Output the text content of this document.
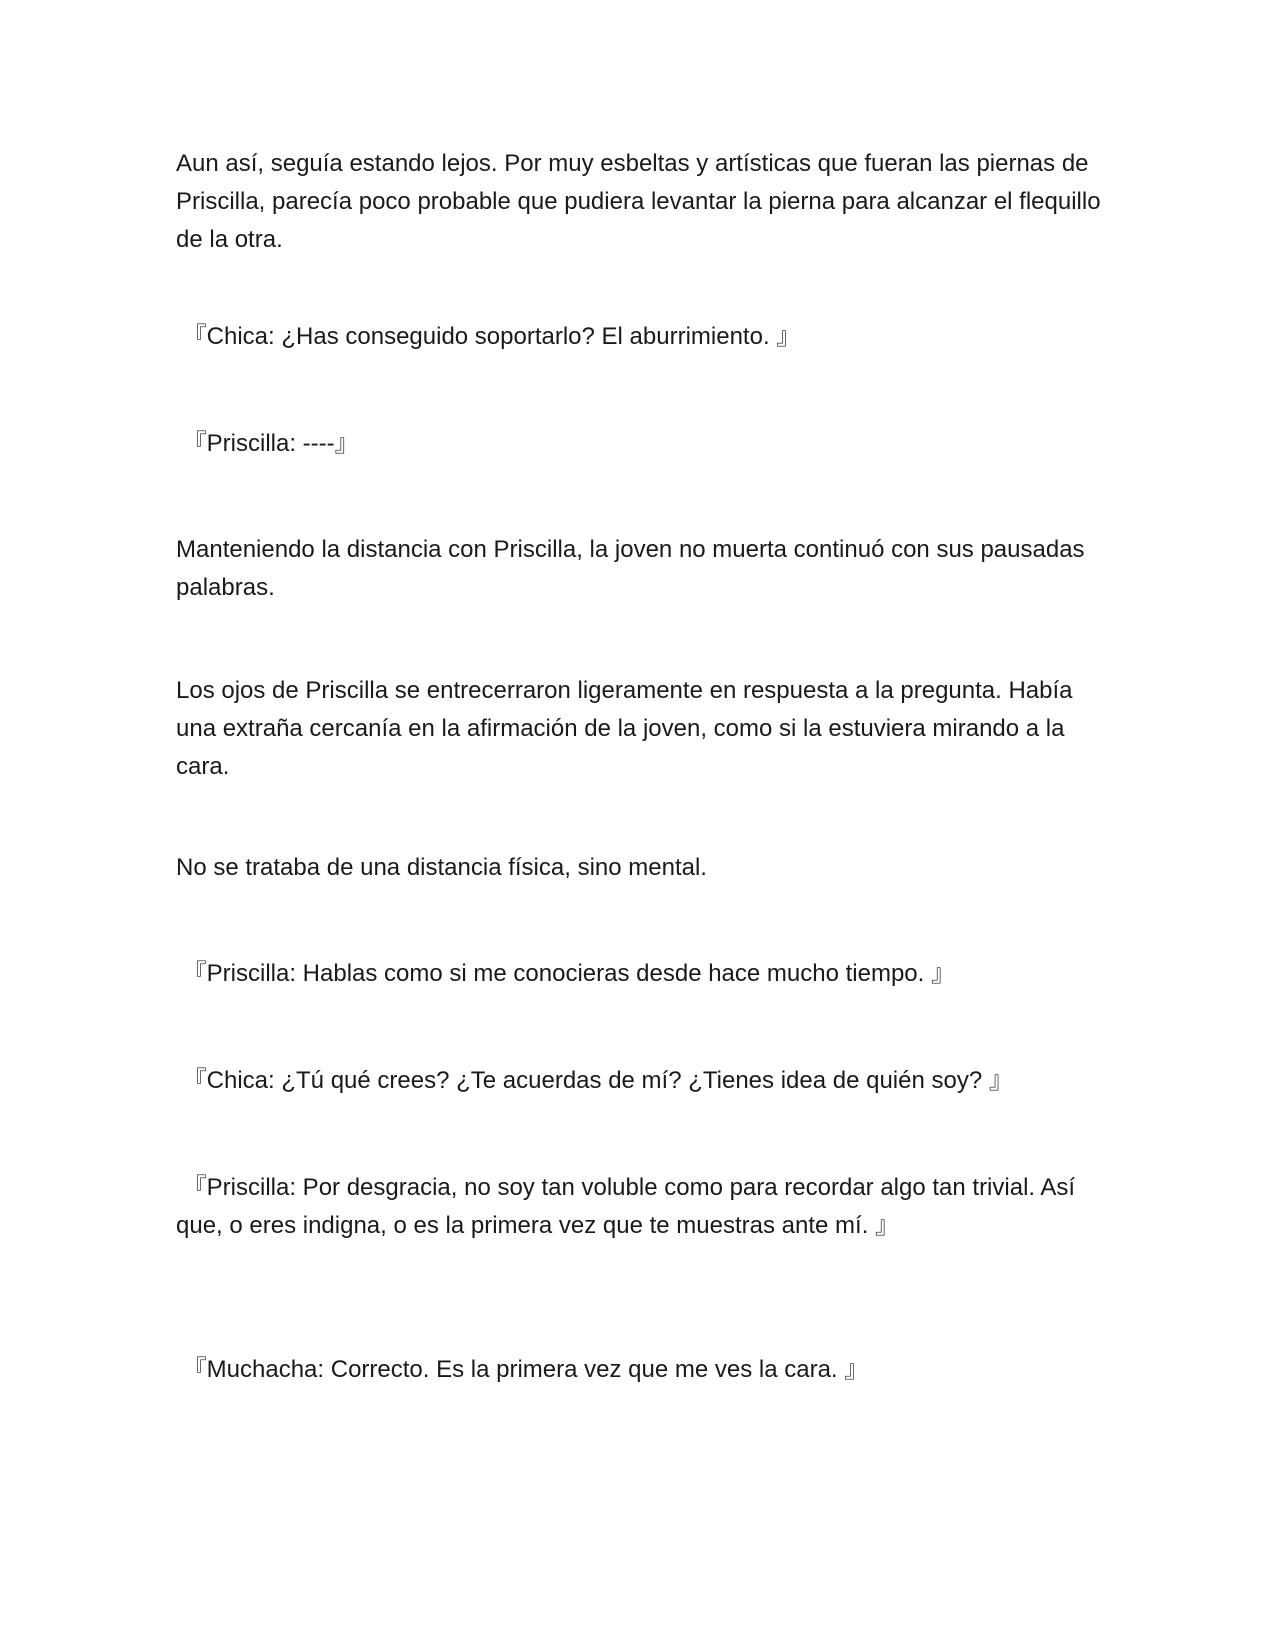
Aun así, seguía estando lejos. Por muy esbeltas y artísticas que fueran las piernas de Priscilla, parecía poco probable que pudiera levantar la pierna para alcanzar el flequillo de la otra.

『Chica: ¿Has conseguido soportarlo? El aburrimiento. 』

『Priscilla: ----』

Manteniendo la distancia con Priscilla, la joven no muerta continuó con sus pausadas palabras.

Los ojos de Priscilla se entrecerraron ligeramente en respuesta a la pregunta. Había una extraña cercanía en la afirmación de la joven, como si la estuviera mirando a la cara.

No se trataba de una distancia física, sino mental.

『Priscilla: Hablas como si me conocieras desde hace mucho tiempo. 』

『Chica: ¿Tú qué crees? ¿Te acuerdas de mí? ¿Tienes idea de quién soy? 』

『Priscilla: Por desgracia, no soy tan voluble como para recordar algo tan trivial. Así que, o eres indigna, o es la primera vez que te muestras ante mí. 』

『Muchacha: Correcto. Es la primera vez que me ves la cara. 』
